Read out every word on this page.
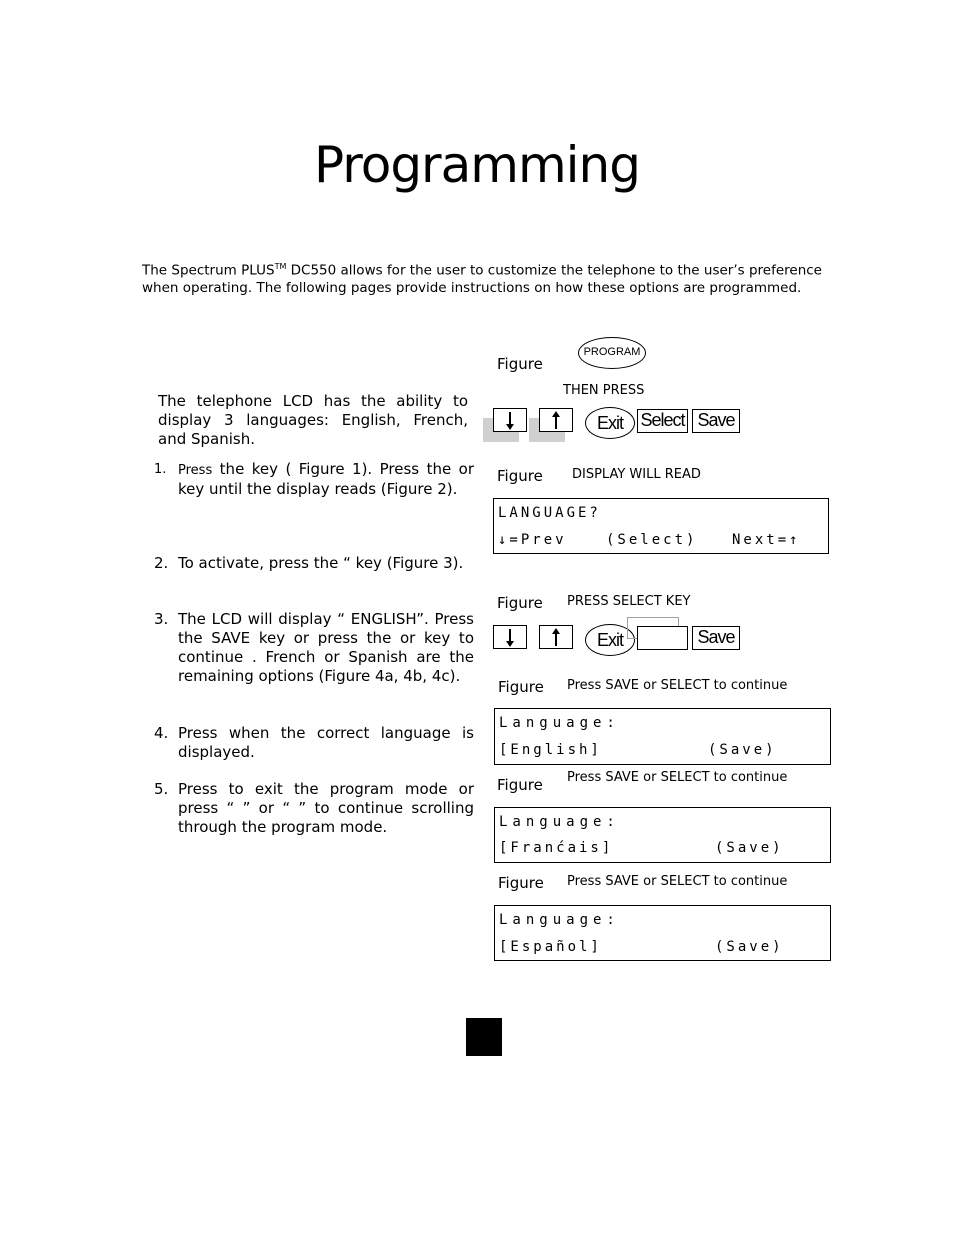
Programming
The Spectrum PLUS™ DC550 allows for the user to customize the telephone to the user’s preference when operating. The following pages provide instructions on how these options are programmed.
The telephone LCD has the ability to display 3 languages: English, French, and Spanish.
1. Press the key ( Figure 1). Press the or key until the display reads (Figure 2).
2. To activate, press the “ key (Figure 3).
3. The LCD will display “ ENGLISH”. Press the SAVE key or press the or key to continue . French or Spanish are the remaining options (Figure 4a, 4b, 4c).
4. Press when the correct language is displayed.
5. Press to exit the program mode or press “ ” or “ ” to continue scrolling through the program mode.
Figure
PROGRAM
THEN PRESS
Exit Select Save
Figure DISPLAY WILL READ
LANGUAGE?
↓=Prev	(Select) Next=↑
Figure PRESS SELECT KEY
Exit	Save
Figure Press SAVE or SELECT to continue
Language:
[English]	(Save)
Figure Press SAVE or SELECT to continue
Language:
[Franćais]	(Save)
Figure Press SAVE or SELECT to continue
Language:
[Español]	(Save)
